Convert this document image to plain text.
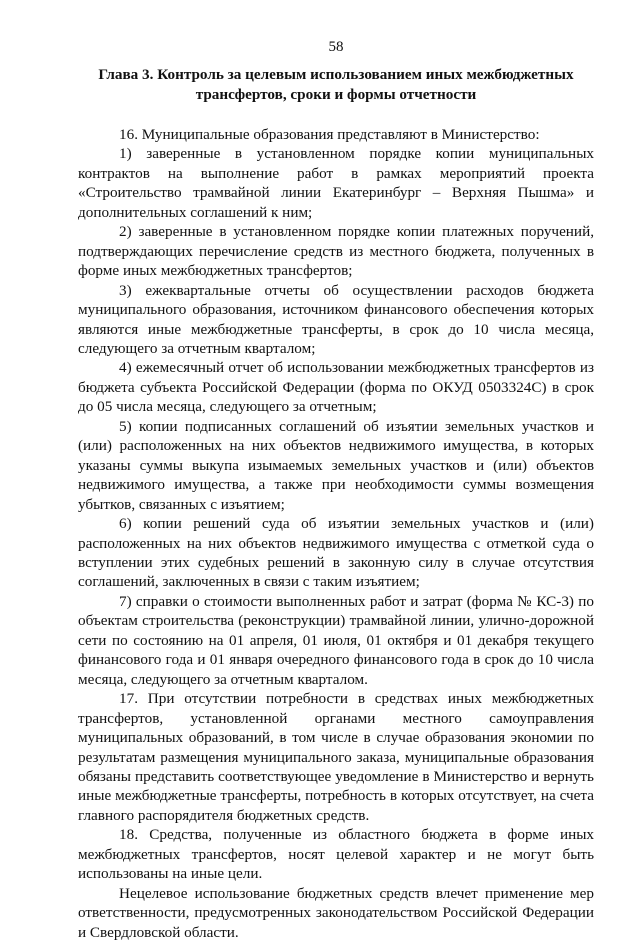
58
Глава 3. Контроль за целевым использованием иных межбюджетных трансфертов, сроки и формы отчетности

16. Муниципальные образования представляют в Министерство:

1) заверенные в установленном порядке копии муниципальных контрактов на выполнение работ в рамках мероприятий проекта «Строительство трамвайной линии Екатеринбург – Верхняя Пышма» и дополнительных соглашений к ним;

2) заверенные в установленном порядке копии платежных поручений, подтверждающих перечисление средств из местного бюджета, полученных в форме иных межбюджетных трансфертов;

3) ежеквартальные отчеты об осуществлении расходов бюджета муниципального образования, источником финансового обеспечения которых являются иные межбюджетные трансферты, в срок до 10 числа месяца, следующего за отчетным кварталом;

4) ежемесячный отчет об использовании межбюджетных трансфертов из бюджета субъекта Российской Федерации (форма по ОКУД 0503324С) в срок до 05 числа месяца, следующего за отчетным;

5) копии подписанных соглашений об изъятии земельных участков и (или) расположенных на них объектов недвижимого имущества, в которых указаны суммы выкупа изымаемых земельных участков и (или) объектов недвижимого имущества, а также при необходимости суммы возмещения убытков, связанных с изъятием;

6) копии решений суда об изъятии земельных участков и (или) расположенных на них объектов недвижимого имущества с отметкой суда о вступлении этих судебных решений в законную силу в случае отсутствия соглашений, заключенных в связи с таким изъятием;

7) справки о стоимости выполненных работ и затрат (форма № КС-3) по объектам строительства (реконструкции) трамвайной линии, улично-дорожной сети по состоянию на 01 апреля, 01 июля, 01 октября и 01 декабря текущего финансового года и 01 января очередного финансового года в срок до 10 числа месяца, следующего за отчетным кварталом.

17. При отсутствии потребности в средствах иных межбюджетных трансфертов, установленной органами местного самоуправления муниципальных образований, в том числе в случае образования экономии по результатам размещения муниципального заказа, муниципальные образования обязаны представить соответствующее уведомление в Министерство и вернуть иные межбюджетные трансферты, потребность в которых отсутствует, на счета главного распорядителя бюджетных средств.

18. Средства, полученные из областного бюджета в форме иных межбюджетных трансфертов, носят целевой характер и не могут быть использованы на иные цели.

Нецелевое использование бюджетных средств влечет применение мер ответственности, предусмотренных законодательством Российской Федерации и Свердловской области.
